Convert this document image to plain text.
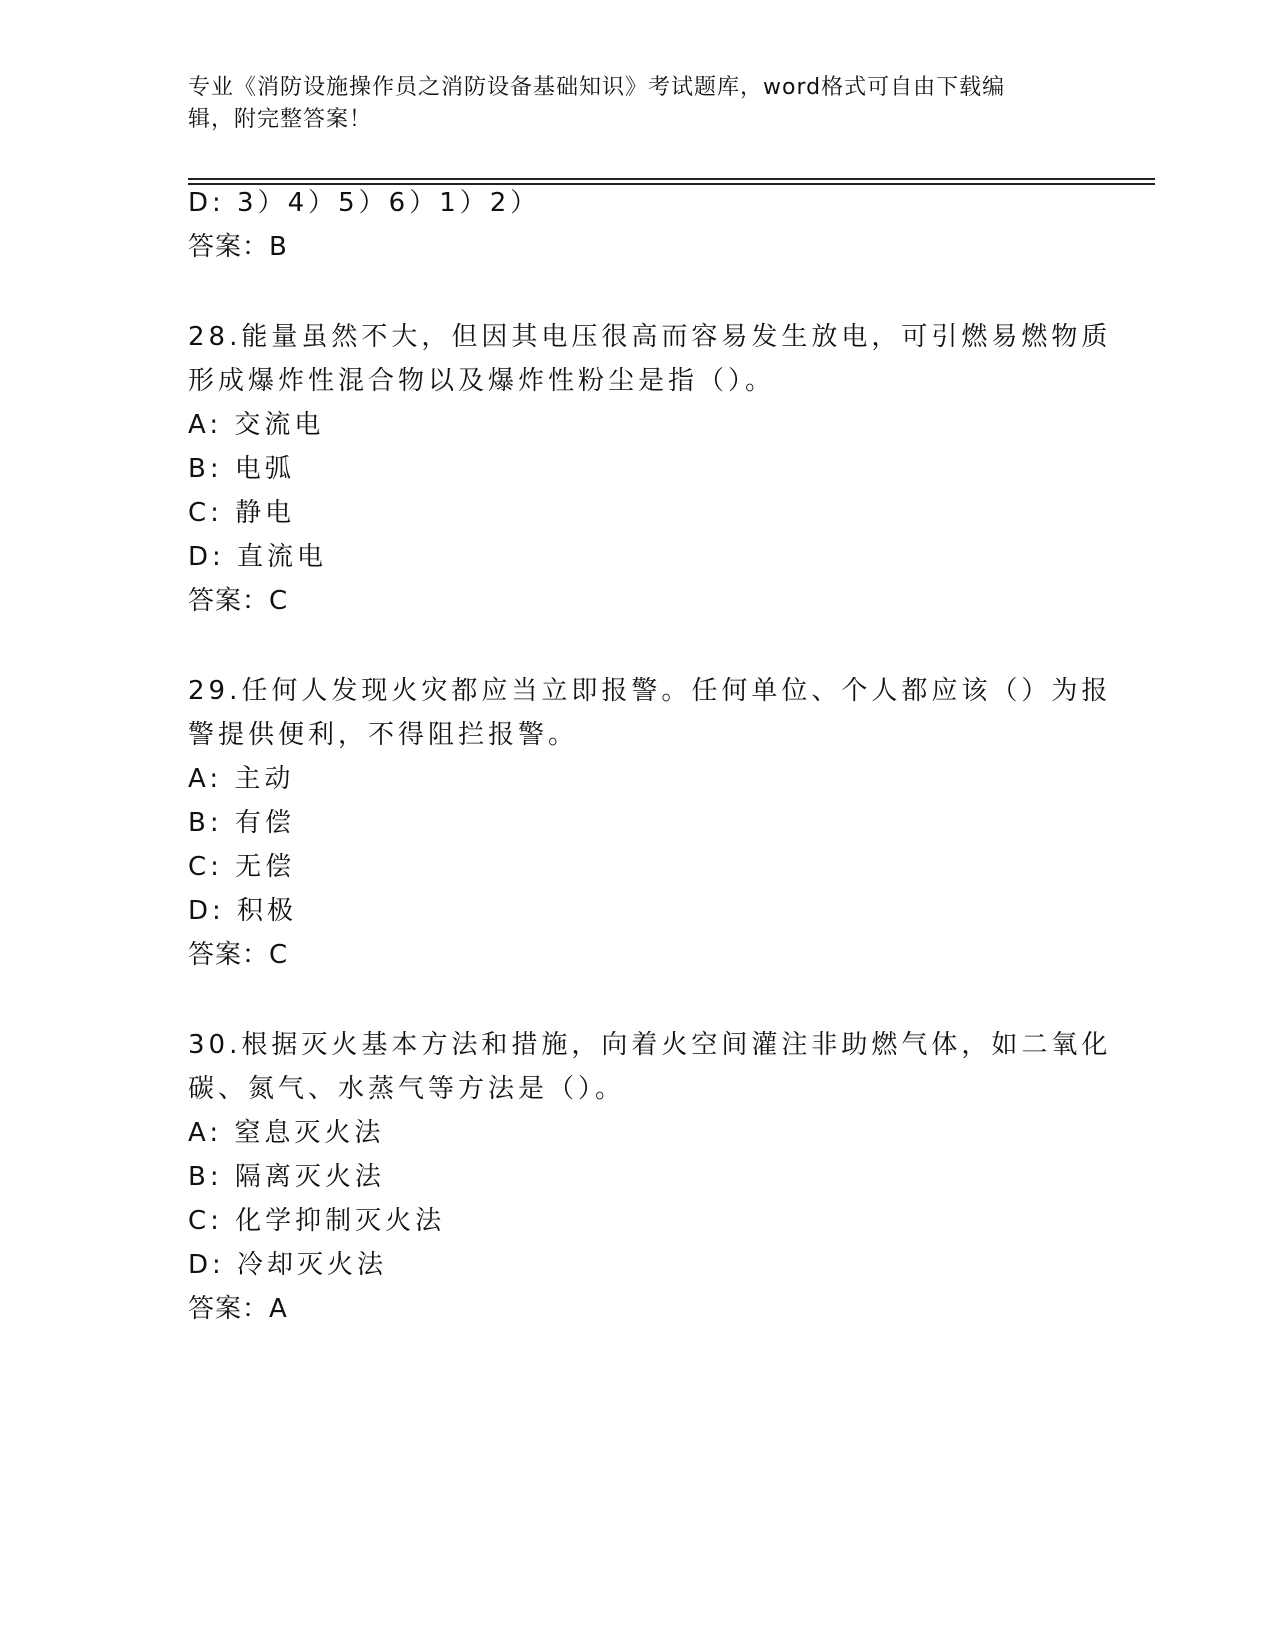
专业《消防设施操作员之消防设备基础知识》考试题库，word格式可自由下载编
辑，附完整答案！
D: 3）4）5）6）1）2）
答案：B
28.能量虽然不大，但因其电压很高而容易发生放电，可引燃易燃物质
形成爆炸性混合物以及爆炸性粉尘是指（）。
A: 交流电
B: 电弧
C: 静电
D: 直流电
答案：C
29.任何人发现火灾都应当立即报警。任何单位、个人都应该（）为报
警提供便利，不得阻拦报警。
A: 主动
B: 有偿
C: 无偿
D: 积极
答案：C
30.根据灭火基本方法和措施，向着火空间灌注非助燃气体，如二氧化
碳、氮气、水蒸气等方法是（）。
A: 窒息灭火法
B: 隔离灭火法
C: 化学抑制灭火法
D: 冷却灭火法
答案：A
